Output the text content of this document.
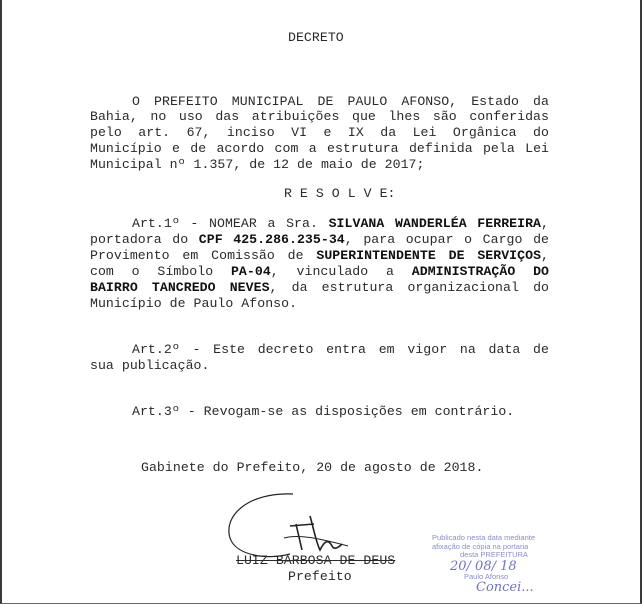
DECRETO
O PREFEITO MUNICIPAL DE PAULO AFONSO, Estado da
Bahia, no uso das atribuições que lhes são conferidas
pelo art. 67, inciso VI e IX da Lei Orgânica do
Município e de acordo com a estrutura definida pela Lei
Municipal nº 1.357, de 12 de maio de 2017;
R E S O L V E:
Art.1º - NOMEAR a Sra. SILVANA WANDERLÉA FERREIRA,
portadora do CPF 425.286.235-34, para ocupar o Cargo de
Provimento em Comissão de SUPERINTENDENTE DE SERVIÇOS,
com o Símbolo PA-04, vinculado a ADMINISTRAÇÃO DO
BAIRRO TANCREDO NEVES, da estrutura organizacional do
Município de Paulo Afonso.
Art.2º - Este decreto entra em vigor na data de
sua publicação.
Art.3º - Revogam-se as disposições em contrário.
Gabinete do Prefeito, 20 de agosto de 2018.
LUIZ BARBOSA DE DEUS
Prefeito
Publicado nesta data mediante
afixação de cópia na portaria
desta PREFEITURA
20/ 08/ 18
Paulo Afonso
Concei...
